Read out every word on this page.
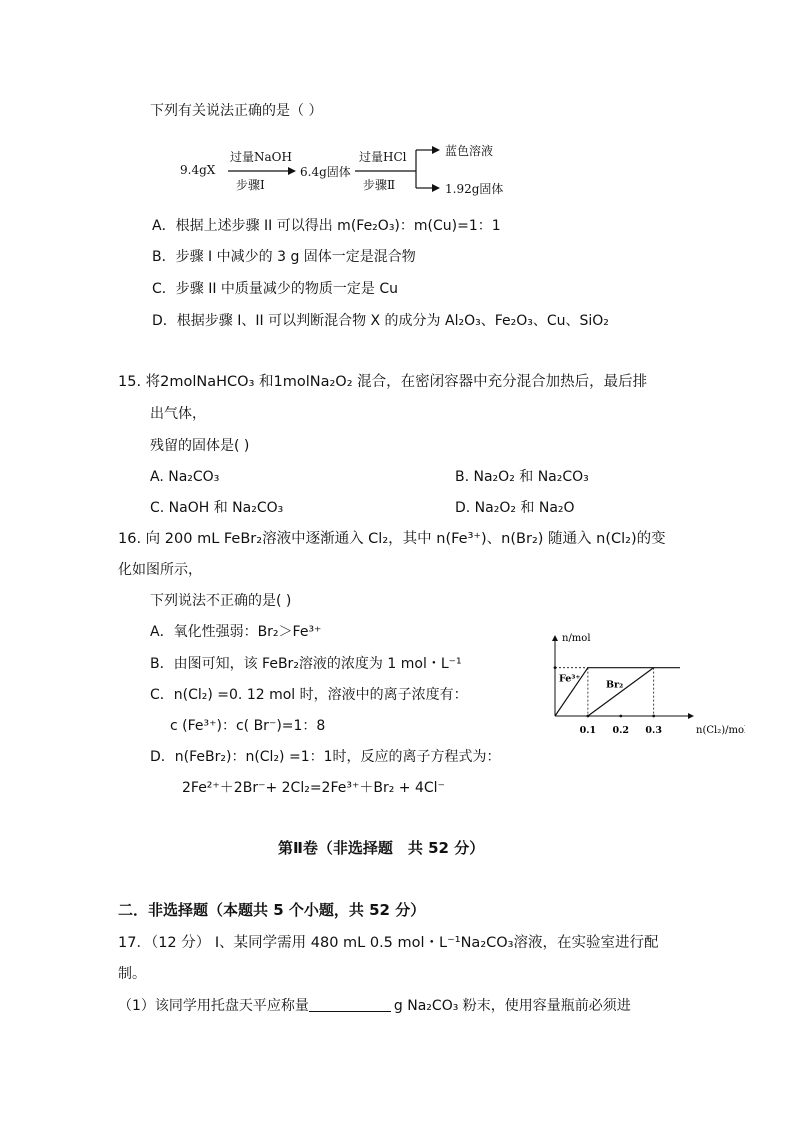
下列有关说法正确的是（ ）
9.4gX
过量NaOH
步骤Ⅰ
6.4g固体
过量HCl
步骤Ⅱ
蓝色溶液
1.92g固体
A．根据上述步骤 II 可以得出 m(Fe₂O₃)：m(Cu)=1：1
B．步骤 I 中减少的 3 g 固体一定是混合物
C．步骤 II 中质量减少的物质一定是 Cu
D．根据步骤 I、II 可以判断混合物 X 的成分为 Al₂O₃、Fe₂O₃、Cu、SiO₂
15. 将2molNaHCO₃ 和1molNa₂O₂ 混合，在密闭容器中充分混合加热后，最后排
出气体，
残留的固体是( )
A. Na₂CO₃	B. Na₂O₂ 和 Na₂CO₃
C. NaOH 和 Na₂CO₃	D. Na₂O₂ 和 Na₂O
16. 向 200 mL FeBr₂溶液中逐渐通入 Cl₂，其中 n(Fe³⁺)、n(Br₂) 随通入 n(Cl₂)的变
化如图所示，
下列说法不正确的是( )
A．氧化性强弱：Br₂＞Fe³⁺
B．由图可知，该 FeBr₂溶液的浓度为 1 mol・L⁻¹
C．n(Cl₂) =0. 12 mol 时，溶液中的离子浓度有：
c (Fe³⁺)：c( Br⁻)=1：8
D．n(FeBr₂)：n(Cl₂) =1：1时，反应的离子方程式为：
2Fe²⁺＋2Br⁻+ 2Cl₂=2Fe³⁺＋Br₂ + 4Cl⁻
n/mol
n(Cl₂)/mol
0.1 0.2 0.3
Fe³⁺
Br₂
第Ⅱ卷（非选择题　共 52 分）
二．非选择题（本题共 5 个小题，共 52 分）
17．（12 分） Ⅰ、某同学需用 480 mL 0.5 mol・L⁻¹Na₂CO₃溶液，在实验室进行配
制。
（1）该同学用托盘天平应称量	g Na₂CO₃ 粉末，使用容量瓶前必须进
